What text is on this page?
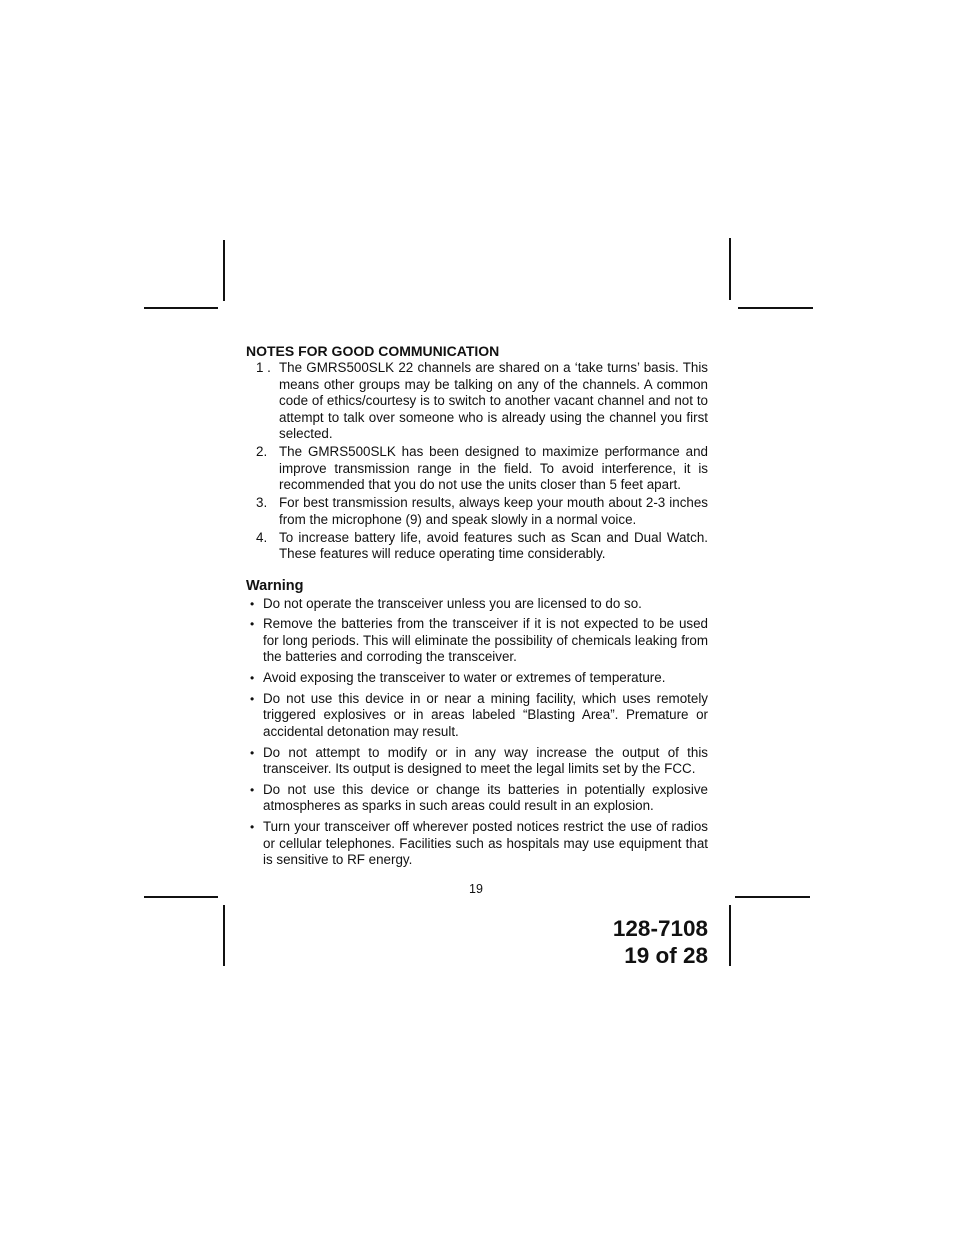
NOTES FOR GOOD COMMUNICATION
1 . The GMRS500SLK 22 channels are shared on a ‘take turns’ basis. This means other groups may be talking on any of the channels. A common code of ethics/courtesy is to switch to another vacant channel and not to attempt to talk over someone who is already using the channel you first selected.
2. The GMRS500SLK has been designed to maximize performance and improve transmission range in the field. To avoid interference, it is recommended that you do not use the units closer than 5 feet apart.
3. For best transmission results, always keep your mouth about 2-3 inches from the microphone (9) and speak slowly in a normal voice.
4. To increase battery life, avoid features such as Scan and Dual Watch. These features will reduce operating time considerably.
Warning
• Do not operate the transceiver unless you are licensed to do so.
• Remove the batteries from the transceiver if it is not expected to be used for long periods. This will eliminate the possibility of chemicals leaking from the batteries and corroding the transceiver.
• Avoid exposing the transceiver to water or extremes of temperature.
• Do not use this device in or near a mining facility, which uses remotely triggered explosives or in areas labeled “Blasting Area”. Premature or accidental detonation may result.
• Do not attempt to modify or in any way increase the output of this transceiver. Its output is designed to meet the legal limits set by the FCC.
• Do not use this device or change its batteries in potentially explosive atmospheres as sparks in such areas could result in an explosion.
• Turn your transceiver off wherever posted notices restrict the use of radios or cellular telephones. Facilities such as hospitals may use equipment that is sensitive to RF energy.
19
128-7108
19 of 28
